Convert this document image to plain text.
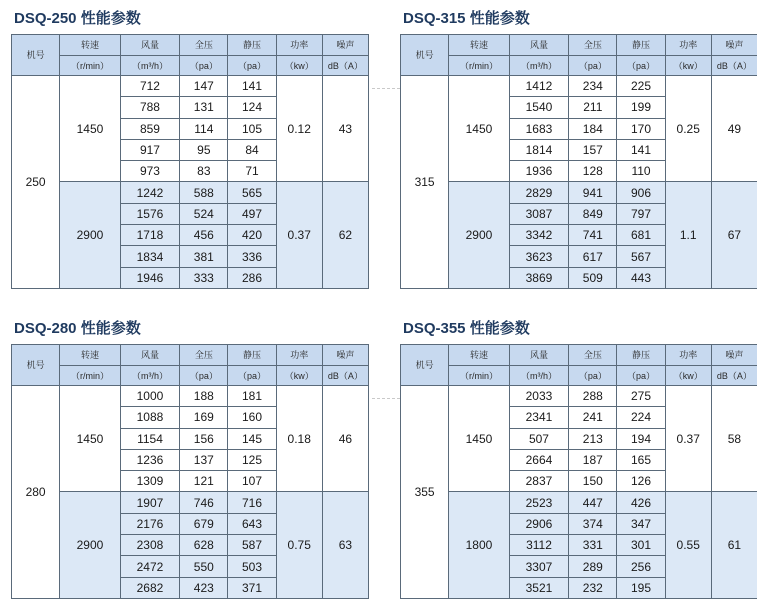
DSQ-250 性能参数
机号	转速	风量	全压	静压	功率	噪声
	（r/min）	（m³/h）	（pa）	（pa）	（kw）	dB（A）
250	1450	712	147	141	0.12	43
		788	131	124		
		859	114	105		
		917	95	84		
		973	83	71		
	2900	1242	588	565	0.37	62
		1576	524	497		
		1718	456	420		
		1834	381	336		
		1946	333	286		
DSQ-315 性能参数
机号	转速	风量	全压	静压	功率	噪声
	（r/min）	（m³/h）	（pa）	（pa）	（kw）	dB（A）
315	1450	1412	234	225	0.25	49
		1540	211	199		
		1683	184	170		
		1814	157	141		
		1936	128	110		
	2900	2829	941	906	1.1	67
		3087	849	797		
		3342	741	681		
		3623	617	567		
		3869	509	443		
DSQ-280 性能参数
机号	转速	风量	全压	静压	功率	噪声
	（r/min）	（m³/h）	（pa）	（pa）	（kw）	dB（A）
280	1450	1000	188	181	0.18	46
		1088	169	160		
		1154	156	145		
		1236	137	125		
		1309	121	107		
	2900	1907	746	716	0.75	63
		2176	679	643		
		2308	628	587		
		2472	550	503		
		2682	423	371		
DSQ-355 性能参数
机号	转速	风量	全压	静压	功率	噪声
	（r/min）	（m³/h）	（pa）	（pa）	（kw）	dB（A）
355	1450	2033	288	275	0.37	58
		2341	241	224		
		507	213	194		
		2664	187	165		
		2837	150	126		
	1800	2523	447	426	0.55	61
		2906	374	347		
		3112	331	301		
		3307	289	256		
		3521	232	195		
